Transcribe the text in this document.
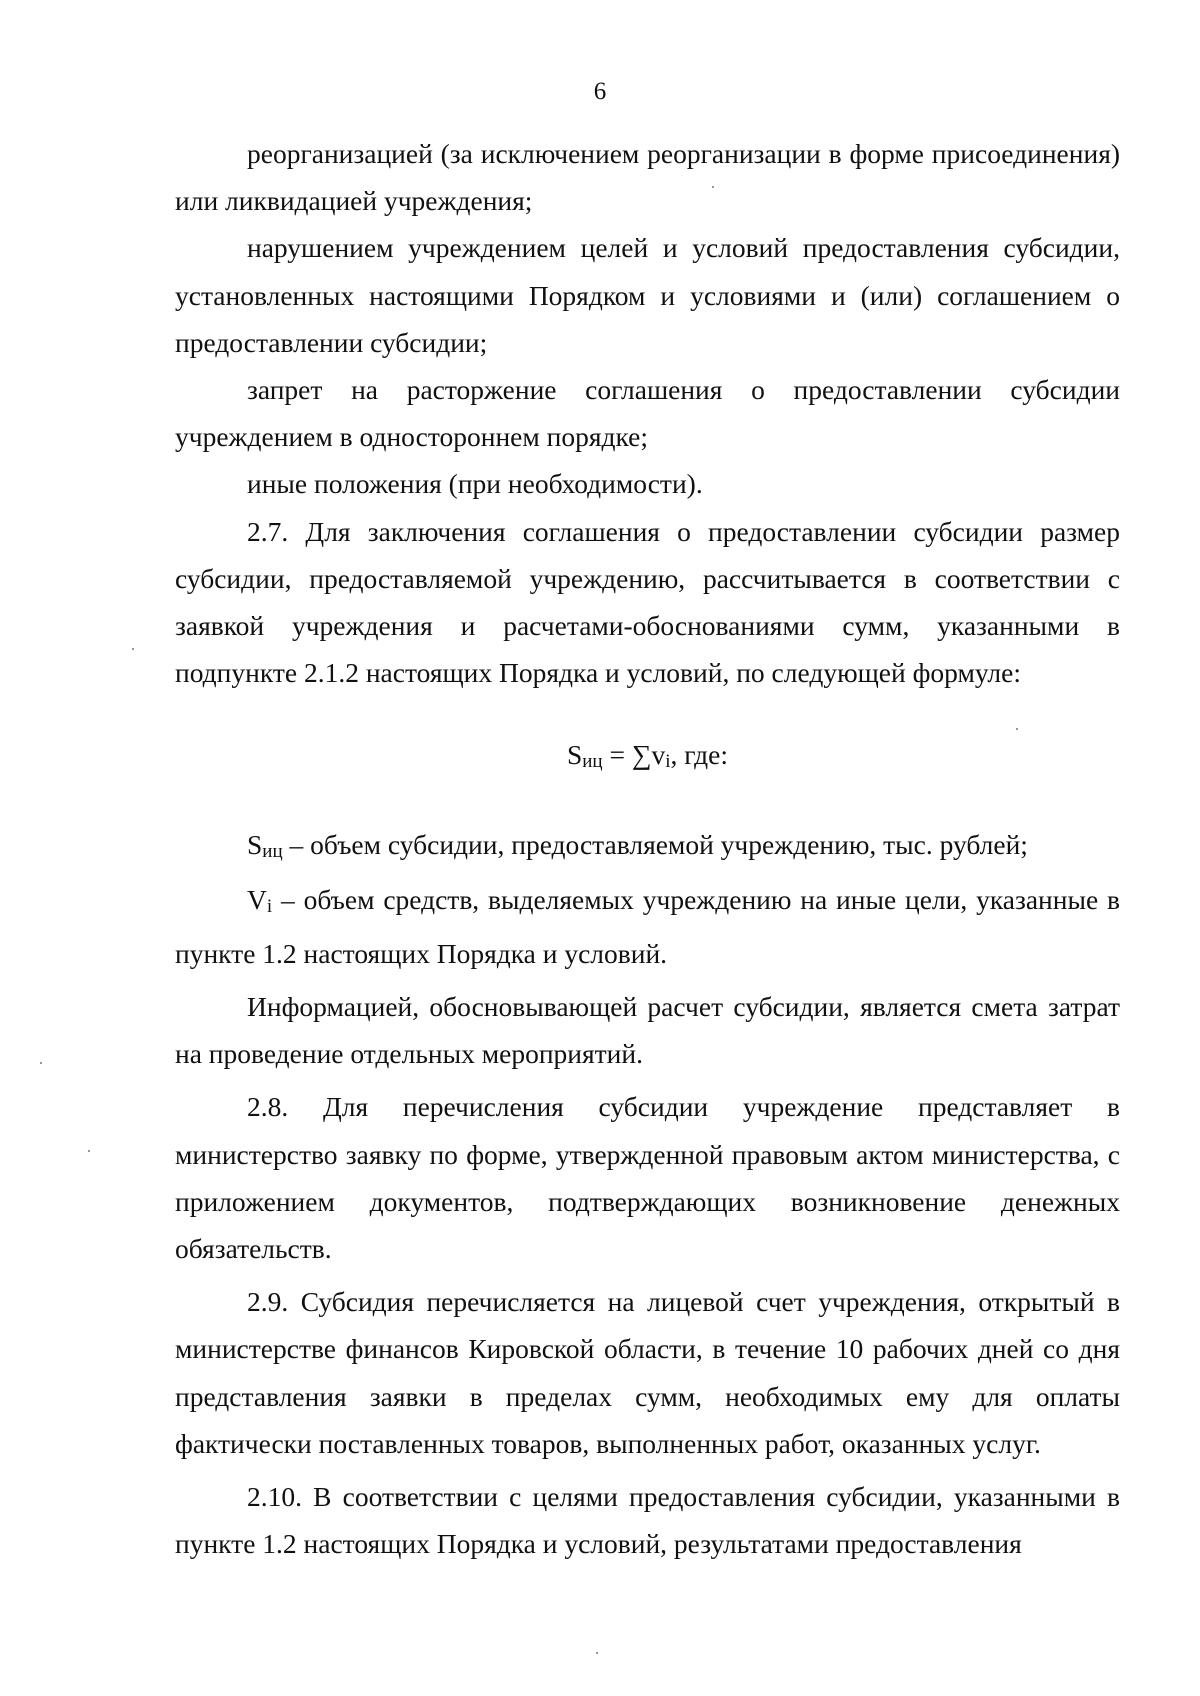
6

реорганизацией (за исключением реорганизации в форме присоединения) или ликвидацией учреждения;

нарушением учреждением целей и условий предоставления субсидии, установленных настоящими Порядком и условиями и (или) соглашением о предоставлении субсидии;

запрет на расторжение соглашения о предоставлении субсидии учреждением в одностороннем порядке;

иные положения (при необходимости).

2.7. Для заключения соглашения о предоставлении субсидии размер субсидии, предоставляемой учреждению, рассчитывается в соответствии с заявкой учреждения и расчетами-обоснованиями сумм, указанными в подпункте 2.1.2 настоящих Порядка и условий, по следующей формуле:

Sиц = ∑vi, где:

Sиц – объем субсидии, предоставляемой учреждению, тыс. рублей;

Vi – объем средств, выделяемых учреждению на иные цели, указанные в пункте 1.2 настоящих Порядка и условий.

Информацией, обосновывающей расчет субсидии, является смета затрат на проведение отдельных мероприятий.

2.8. Для перечисления субсидии учреждение представляет в министерство заявку по форме, утвержденной правовым актом министерства, с приложением документов, подтверждающих возникновение денежных обязательств.

2.9. Субсидия перечисляется на лицевой счет учреждения, открытый в министерстве финансов Кировской области, в течение 10 рабочих дней со дня представления заявки в пределах сумм, необходимых ему для оплаты фактически поставленных товаров, выполненных работ, оказанных услуг.

2.10. В соответствии с целями предоставления субсидии, указанными в пункте 1.2 настоящих Порядка и условий, результатами предоставления
